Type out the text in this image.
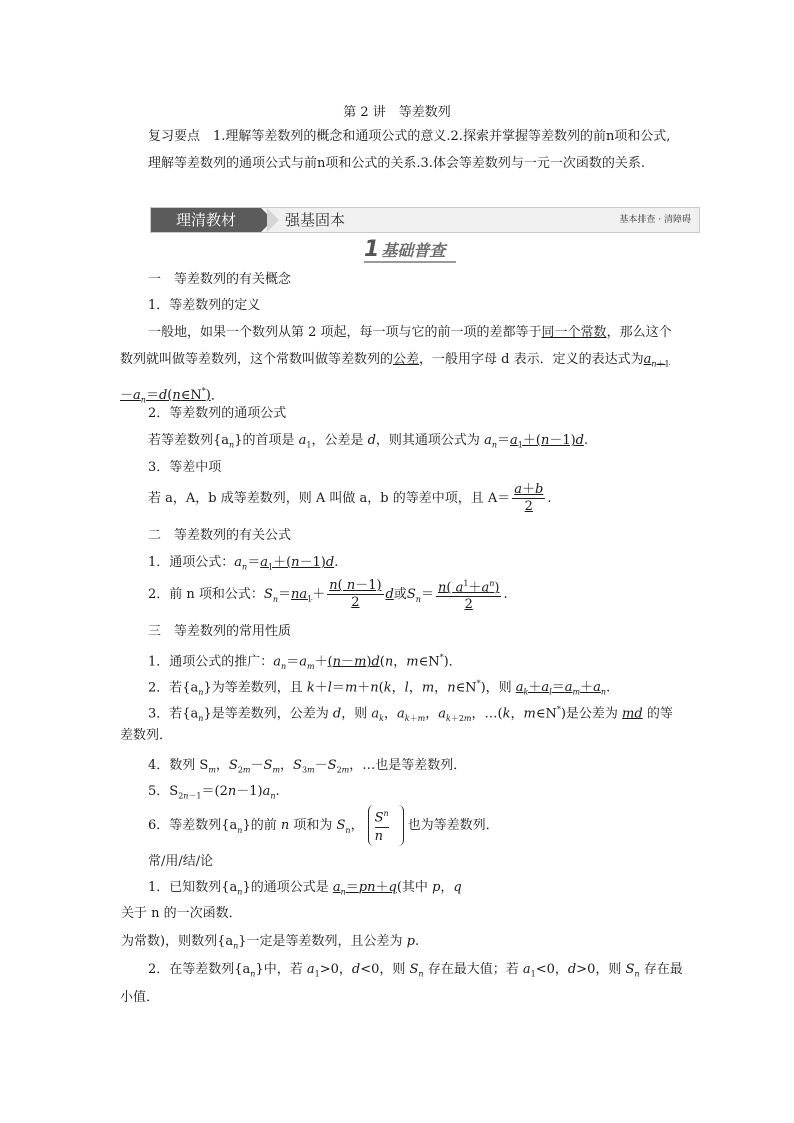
第 2 讲　等差数列
复习要点　1.理解等差数列的概念和通项公式的意义.2.探索并掌握等差数列的前n项和公式,理解等差数列的通项公式与前n项和公式的关系.3.体会等差数列与一元一次函数的关系.
理清教材	强基固本	基本排查 · 清障碍
1 基础普查
一　等差数列的有关概念
1．等差数列的定义
一般地，如果一个数列从第 2 项起，每一项与它的前一项的差都等于同一个常数，那么这个数列就叫做等差数列，这个常数叫做等差数列的公差，一般用字母 d 表示．定义的表达式为$a_{n+1}-a_n=d(n\in N^*)$．
2．等差数列的通项公式
若等差数列$\{a_n\}$的首项是 $a_1$，公差是 d，则其通项公式为 $a_n=a_1+(n-1)d$.
3．等差中项
若 a，A，b 成等差数列，则 A 叫做 a，b 的等差中项，且 $A= \frac{a+b}{2}$ .
二　等差数列的有关公式
1．通项公式：$a_n=a_1+(n-1)d$.
2．前 n 项和公式：$S_n=na_1+ \frac{n( n-1)}{2}$ d或$S_n= \frac{n( a^1+a^n)}{2}$ .
三　等差数列的常用性质
1．通项公式的推广：$a_n=a_m+(n-m)d(n$，m∈N*)．
2．若$\{a_n\}$为等差数列，且 k＋l＝m＋n(k，l，m，n∈N*)，则 $a_k+a_l=a_m+a_n$.
3．若$\{a_n\}$是等差数列，公差为 d，则 $a_k$，$a_{k+m}$，$a_{k+2m}$，…(k，m∈N*)是公差为 md 的等
差数列．
4．数列 $S_m$，$S_{2m}-S_m$，$S_{3m}-S_{2m}$，…也是等差数列．
5．$S_{2n-1}=(2n-1)a_n$.
6．等差数列$\{a_n\}$的前 n 项和为 $S_n$， $\frac{S^n}{n}$ 也为等差数列．
常/用/结/论
1．已知数列$\{a_n\}$的通项公式是 $a_n=pn+q$(其中 p，q
关于 n 的一次函数．
为常数)，则数列$\{a_n\}$一定是等差数列，且公差为 p.
2．在等差数列$\{a_n\}$中，若 $a_1>0$，d<0，则 $S_n$ 存在最大值；若 $a_1<0$，d>0，则 $S_n$ 存在最
小值．
